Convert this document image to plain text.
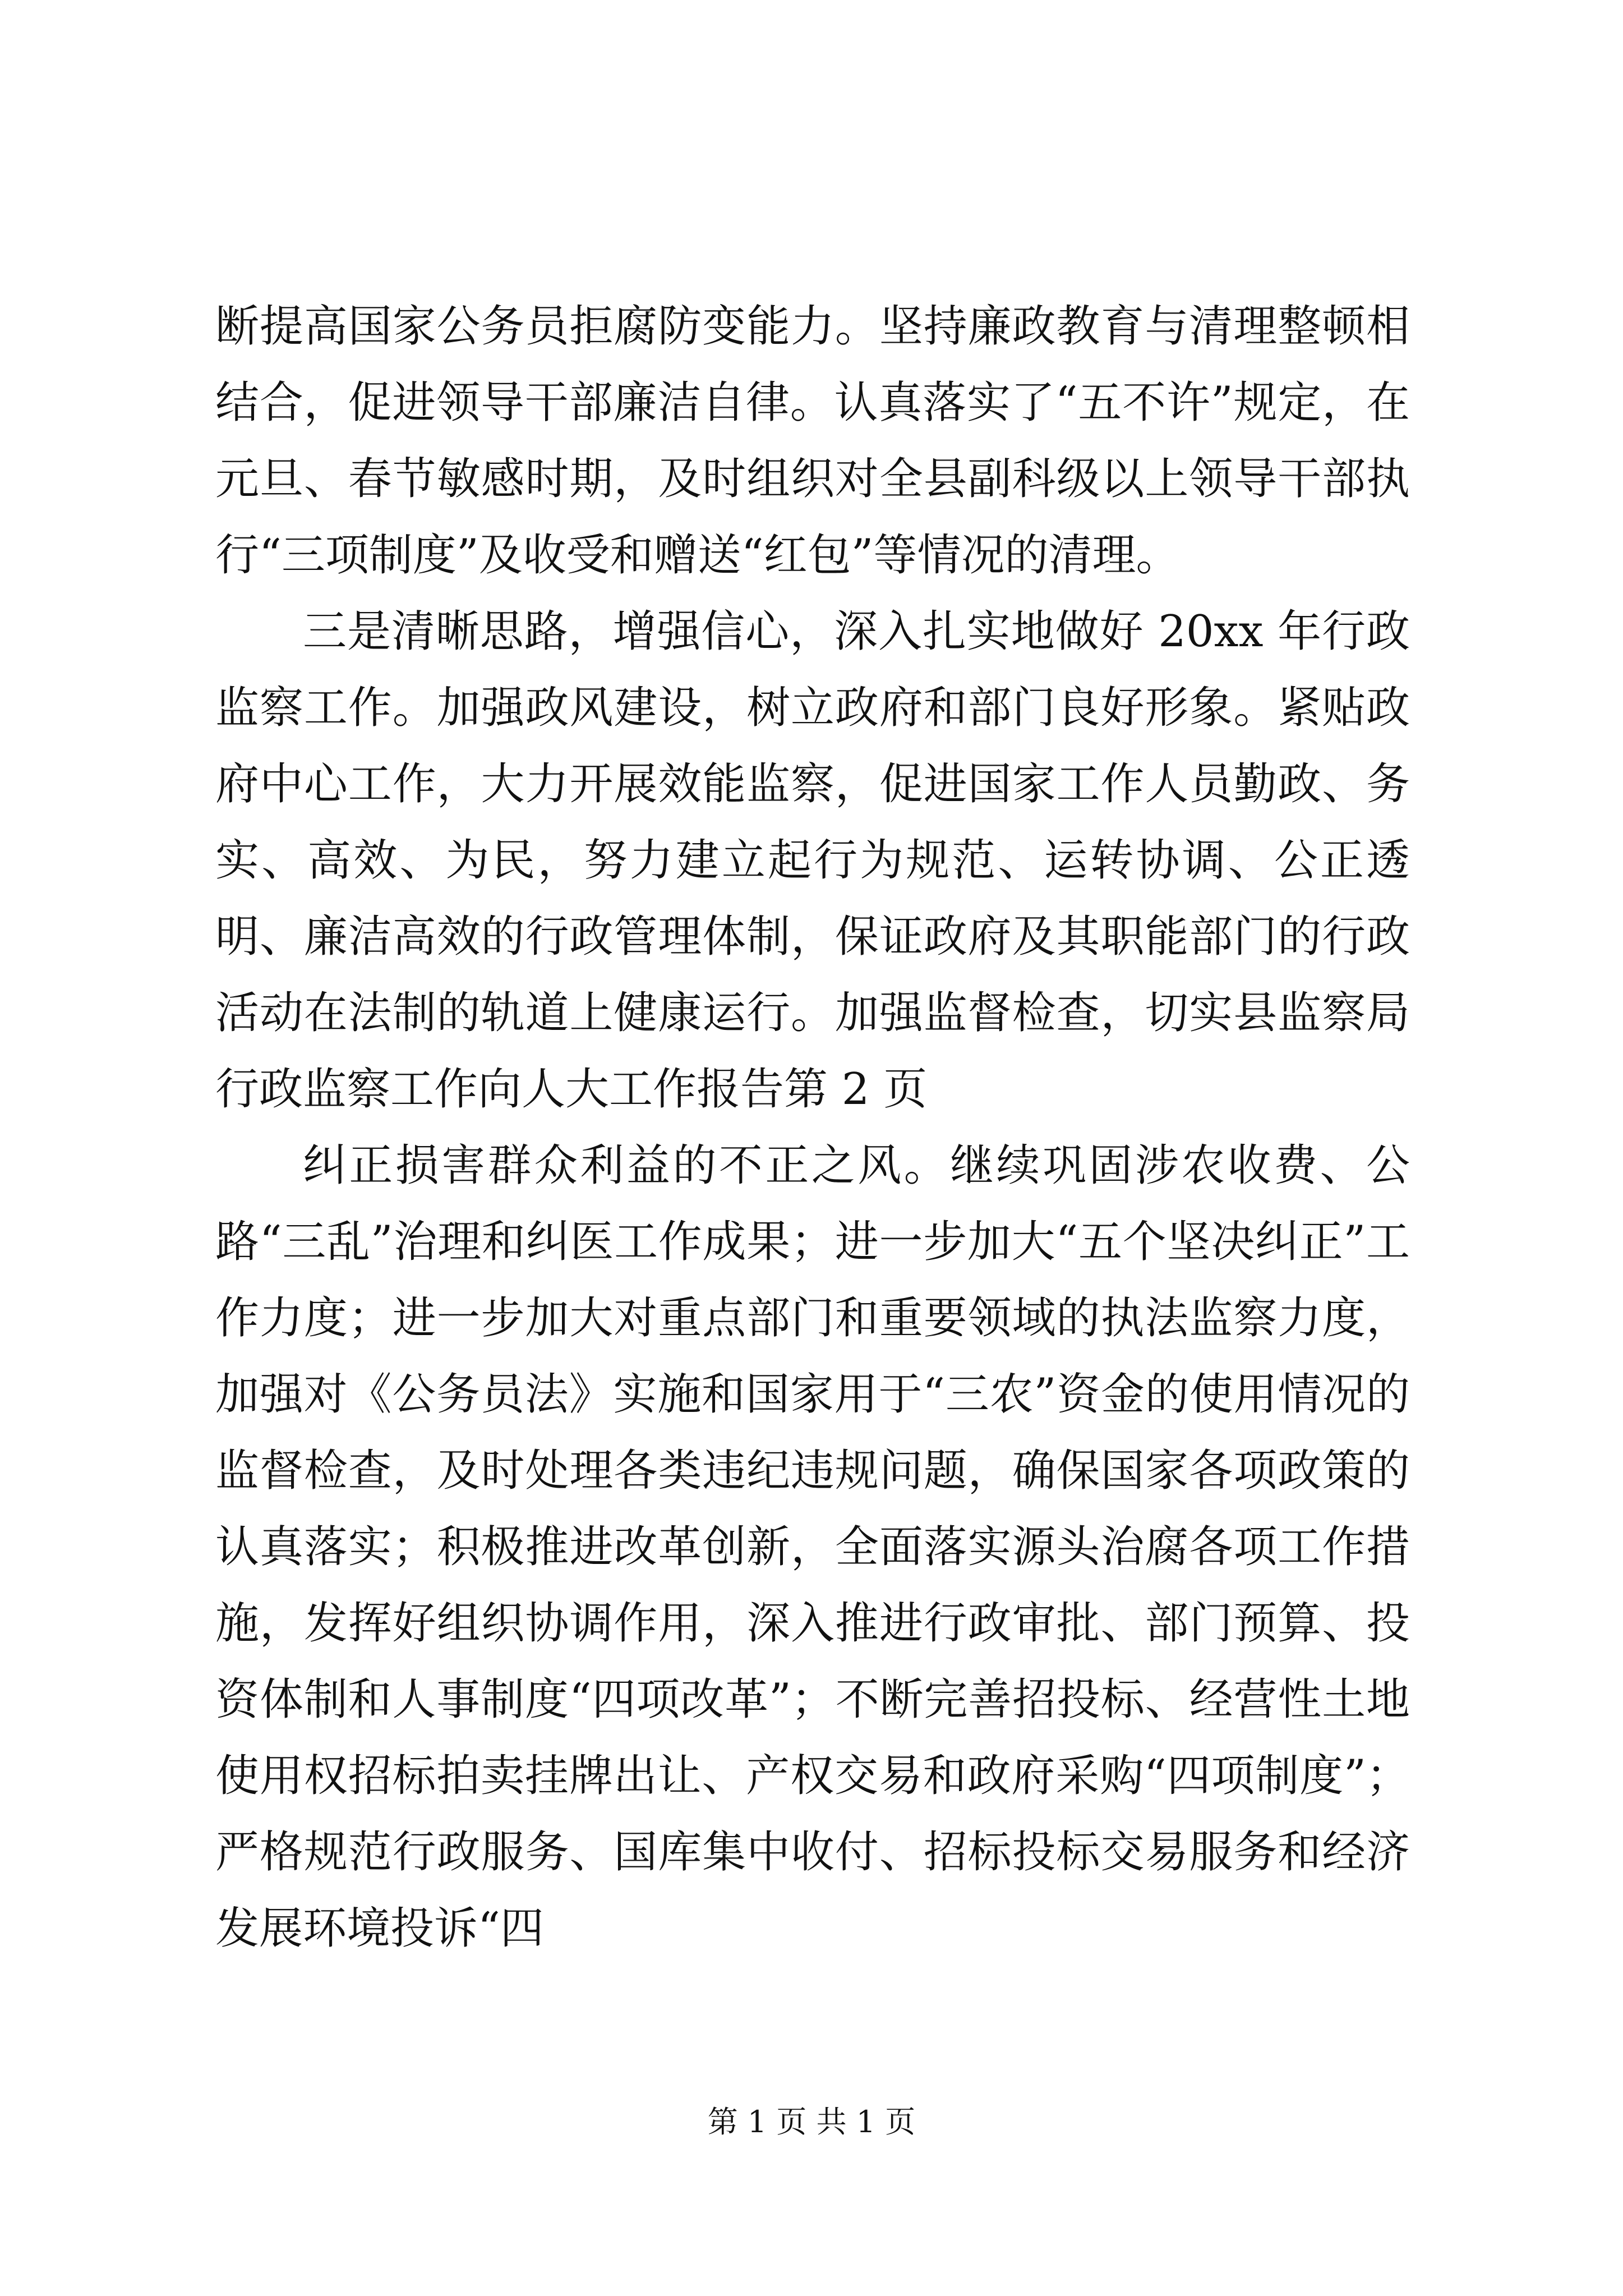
断提高国家公务员拒腐防变能力。坚持廉政教育与清理整顿相结合，促进领导干部廉洁自律。认真落实了“五不许”规定，在元旦、春节敏感时期，及时组织对全县副科级以上领导干部执行“三项制度”及收受和赠送“红包”等情况的清理。

三是清晰思路，增强信心，深入扎实地做好 20xx 年行政监察工作。加强政风建设，树立政府和部门良好形象。紧贴政府中心工作，大力开展效能监察，促进国家工作人员勤政、务实、高效、为民，努力建立起行为规范、运转协调、公正透明、廉洁高效的行政管理体制，保证政府及其职能部门的行政活动在法制的轨道上健康运行。加强监督检查，切实县监察局行政监察工作向人大工作报告第 2 页

纠正损害群众利益的不正之风。继续巩固涉农收费、公路“三乱”治理和纠医工作成果；进一步加大“五个坚决纠正”工作力度；进一步加大对重点部门和重要领域的执法监察力度，加强对《公务员法》实施和国家用于“三农”资金的使用情况的监督检查，及时处理各类违纪违规问题，确保国家各项政策的认真落实；积极推进改革创新，全面落实源头治腐各项工作措施，发挥好组织协调作用，深入推进行政审批、部门预算、投资体制和人事制度“四项改革”；不断完善招投标、经营性土地使用权招标拍卖挂牌出让、产权交易和政府采购“四项制度”；严格规范行政服务、国库集中收付、招标投标交易服务和经济发展环境投诉“四

第 1 页 共 1 页
